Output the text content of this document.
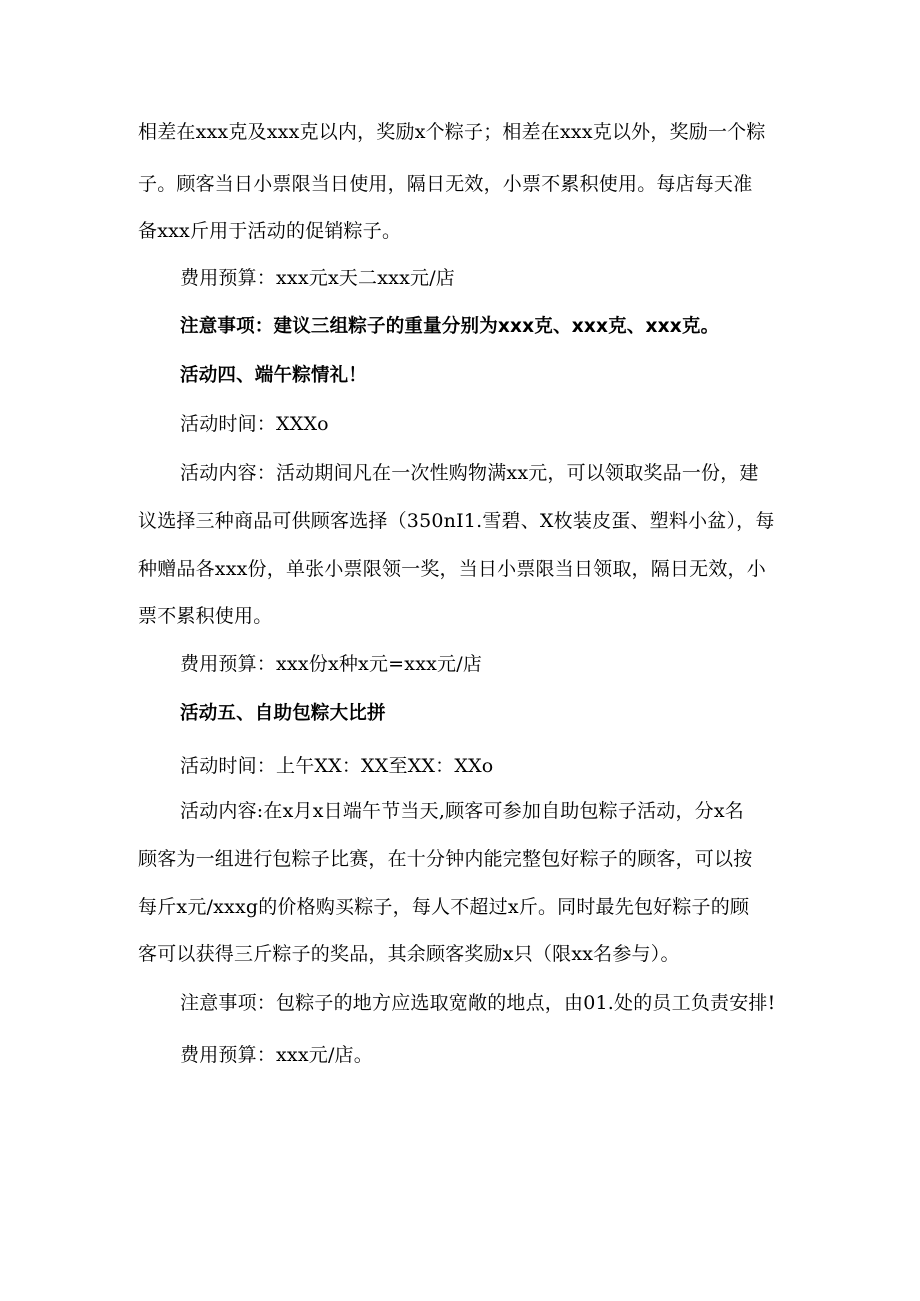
相差在xxx克及xxx克以内，奖励x个粽子；相差在xxx克以外，奖励一个粽
子。顾客当日小票限当日使用，隔日无效，小票不累积使用。每店每天准
备xxx斤用于活动的促销粽子。
费用预算：xxx元x天二xxx元/店
注意事项：建议三组粽子的重量分别为xxx克、xxx克、xxx克。
活动四、端午粽情礼！
活动时间：XXXo
活动内容：活动期间凡在一次性购物满xx元，可以领取奖品一份，建
议选择三种商品可供顾客选择（350nI1.雪碧、X枚装皮蛋、塑料小盆），每
种赠品各xxx份，单张小票限领一奖，当日小票限当日领取，隔日无效，小
票不累积使用。
费用预算：xxx份x种x元=xxx元/店
活动五、自助包粽大比拼
活动时间：上午XX：XX至XX：XXo
活动内容:在x月x日端午节当天,顾客可参加自助包粽子活动，分x名
顾客为一组进行包粽子比赛，在十分钟内能完整包好粽子的顾客，可以按
每斤x元/xxxg的价格购买粽子，每人不超过x斤。同时最先包好粽子的顾
客可以获得三斤粽子的奖品，其余顾客奖励x只（限xx名参与）。
注意事项：包粽子的地方应选取宽敞的地点，由01.处的员工负责安排!
费用预算：xxx元/店。
